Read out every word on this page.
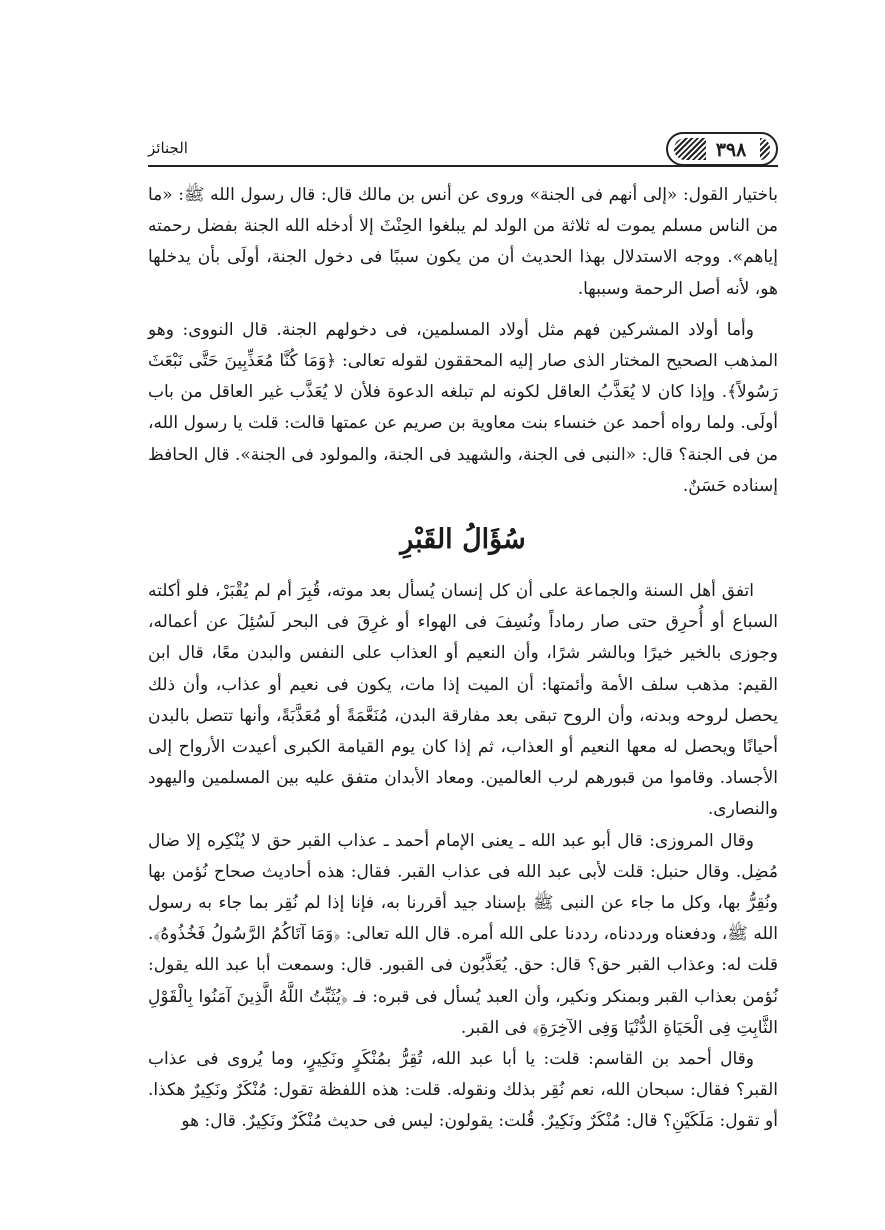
٣٩٨
الجنائز

باختيار القول: «إلى أنهم فى الجنة» وروى عن أنس بن مالك قال: قال رسول الله ﷺ: «ما من الناس مسلم يموت له ثلاثة من الولد لم يبلغوا الحِنْثَ إلا أدخله الله الجنة بفضل رحمته إياهم». ووجه الاستدلال بهذا الحديث أن من يكون سببًا فى دخول الجنة، أولَى بأن يدخلها هو، لأنه أصل الرحمة وسببها.

وأما أولاد المشركين فهم مثل أولاد المسلمين، فى دخولهم الجنة. قال النووى: وهو المذهب الصحيح المختار الذى صار إليه المحققون لقوله تعالى: ﴿وَمَا كُنَّا مُعَذِّبِينَ حَتَّى نَبْعَثَ رَسُولاً﴾. وإذا كان لا يُعَذَّبُ العاقل لكونه لم تبلغه الدعوة فلأن لا يُعَذَّب غير العاقل من باب أولَى. ولما رواه أحمد عن خنساء بنت معاوية بن صريم عن عمتها قالت: قلت يا رسول الله، من فى الجنة؟ قال: «النبى فى الجنة، والشهيد فى الجنة، والمولود فى الجنة». قال الحافظ إسناده حَسَنٌ.

سُؤَالُ القَبْرِ

اتفق أهل السنة والجماعة على أن كل إنسان يُسأل بعد موته، قُبِرَ أم لم يُقْبَرْ، فلو أكلته السباع أو أُحرِق حتى صار رماداً ونُسِفَ فى الهواء أو غرِقَ فى البحر لَسُئِلَ عن أعماله، وجوزى بالخير خيرًا وبالشر شرًا، وأن النعيم أو العذاب على النفس والبدن معًا، قال ابن القيم: مذهب سلف الأمة وأئمتها: أن الميت إذا مات، يكون فى نعيم أو عذاب، وأن ذلك يحصل لروحه وبدنه، وأن الروح تبقى بعد مفارقة البدن، مُنَعَّمَةً أو مُعَذَّبَةً، وأنها تتصل بالبدن أحيانًا ويحصل له معها النعيم أو العذاب، ثم إذا كان يوم القيامة الكبرى أعيدت الأرواح إلى الأجساد. وقاموا من قبورهم لرب العالمين. ومعاد الأبدان متفق عليه بين المسلمين واليهود والنصارى.

وقال المروزى: قال أبو عبد الله ـ يعنى الإمام أحمد ـ عذاب القبر حق لا يُنْكِره إلا ضال مُضِل. وقال حنبل: قلت لأبى عبد الله فى عذاب القبر. فقال: هذه أحاديث صحاح نُؤمن بها ونُقِرُّ بها، وكل ما جاء عن النبى ﷺ بإسناد جيد أقررنا به، فإنا إذا لم نُقِر بما جاء به رسول الله ﷺ، ودفعناه ورددناه، رددنا على الله أمره. قال الله تعالى: ﴿وَمَا آتَاكُمُ الرَّسُولُ فَخُذُوهُ﴾. قلت له: وعذاب القبر حق؟ قال: حق. يُعَذَّبُون فى القبور. قال: وسمعت أبا عبد الله يقول: نُؤمن بعذاب القبر وبمنكر ونكير، وأن العبد يُسأل فى قبره: فـ ﴿يُثَبِّتُ اللَّهُ الَّذِينَ آمَنُوا بِالْقَوْلِ الثَّابِتِ فِى الْحَيَاةِ الدُّنْيَا وَفِى الآخِرَةِ﴾ فى القبر.

وقال أحمد بن القاسم: قلت: يا أبا عبد الله، تُقِرُّ بمُنْكَرٍ ونَكِيرٍ، وما يُروى فى عذاب القبر؟ فقال: سبحان الله، نعم نُقِر بذلك ونقوله. قلت: هذه اللفظة تقول: مُنْكَرٌ ونَكِيرٌ هكذا. أو تقول: مَلَكَيْنِ؟ قال: مُنْكَرٌ ونَكِيرٌ. قُلت: يقولون: ليس فى حديث مُنْكَرٌ ونَكِيرٌ. قال: هو
